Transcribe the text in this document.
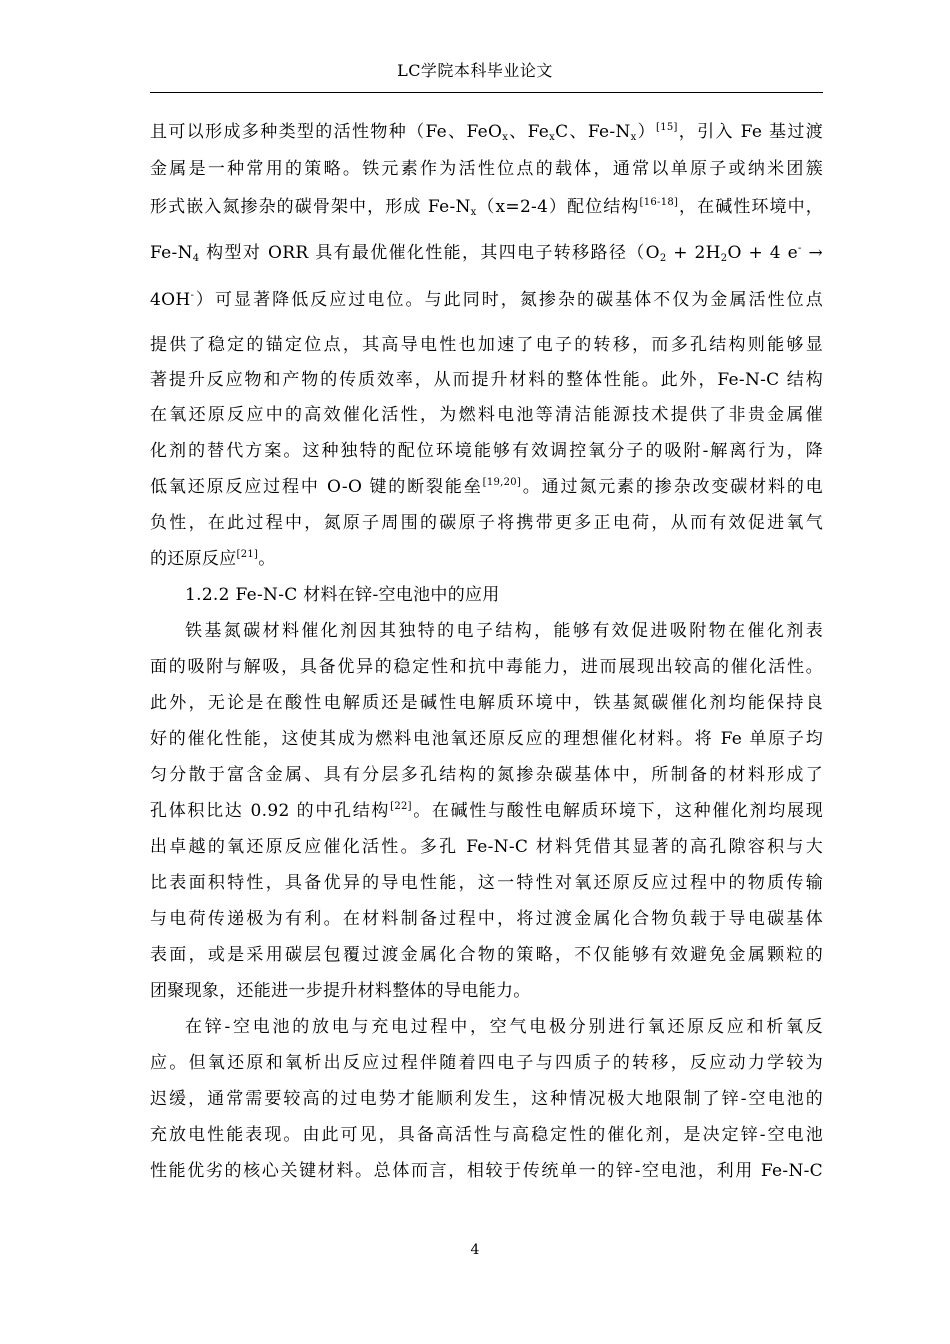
LC学院本科毕业论文
且可以形成多种类型的活性物种（Fe、FeO$_x$、$Fe_xC$、$Fe-N_x)[15]$，引入 Fe 基过渡
金属是一种常用的策略。铁元素作为活性位点的载体，通常以单原子或纳米团簇
形式嵌入氮掺杂的碳骨架中，形成 $Fe-N_x(x=2-4)$配位结构[16-18]，在碱性环境中，
$Fe-N_4$ 构型对 ORR 具有最优催化性能，其四电子转移路径（$O_2 + 2H_2O + 4$ e- →
4OH-）可显著降低反应过电位。与此同时，氮掺杂的碳基体不仅为金属活性位点
提供了稳定的锚定位点，其高导电性也加速了电子的转移，而多孔结构则能够显
著提升反应物和产物的传质效率，从而提升材料的整体性能。此外，Fe-N-C 结构
在氧还原反应中的高效催化活性，为燃料电池等清洁能源技术提供了非贵金属催
化剂的替代方案。这种独特的配位环境能够有效调控氧分子的吸附-解离行为，降
低氧还原反应过程中 O-O 键的断裂能垒[19,20]。通过氮元素的掺杂改变碳材料的电
负性，在此过程中，氮原子周围的碳原子将携带更多正电荷，从而有效促进氧气
的还原反应[21]。
1.2.2 Fe-N-C 材料在锌-空电池中的应用
铁基氮碳材料催化剂因其独特的电子结构，能够有效促进吸附物在催化剂表
面的吸附与解吸，具备优异的稳定性和抗中毒能力，进而展现出较高的催化活性。
此外，无论是在酸性电解质还是碱性电解质环境中，铁基氮碳催化剂均能保持良
好的催化性能，这使其成为燃料电池氧还原反应的理想催化材料。将 Fe 单原子均
匀分散于富含金属、具有分层多孔结构的氮掺杂碳基体中，所制备的材料形成了
孔体积比达 0.92 的中孔结构[22]。在碱性与酸性电解质环境下，这种催化剂均展现
出卓越的氧还原反应催化活性。多孔 Fe-N-C 材料凭借其显著的高孔隙容积与大
比表面积特性，具备优异的导电性能，这一特性对氧还原反应过程中的物质传输
与电荷传递极为有利。在材料制备过程中，将过渡金属化合物负载于导电碳基体
表面，或是采用碳层包覆过渡金属化合物的策略，不仅能够有效避免金属颗粒的
团聚现象，还能进一步提升材料整体的导电能力。
在锌-空电池的放电与充电过程中，空气电极分别进行氧还原反应和析氧反
应。但氧还原和氧析出反应过程伴随着四电子与四质子的转移，反应动力学较为
迟缓，通常需要较高的过电势才能顺利发生，这种情况极大地限制了锌-空电池的
充放电性能表现。由此可见，具备高活性与高稳定性的催化剂，是决定锌-空电池
性能优劣的核心关键材料。总体而言，相较于传统单一的锌-空电池，利用 Fe-N-C
4
